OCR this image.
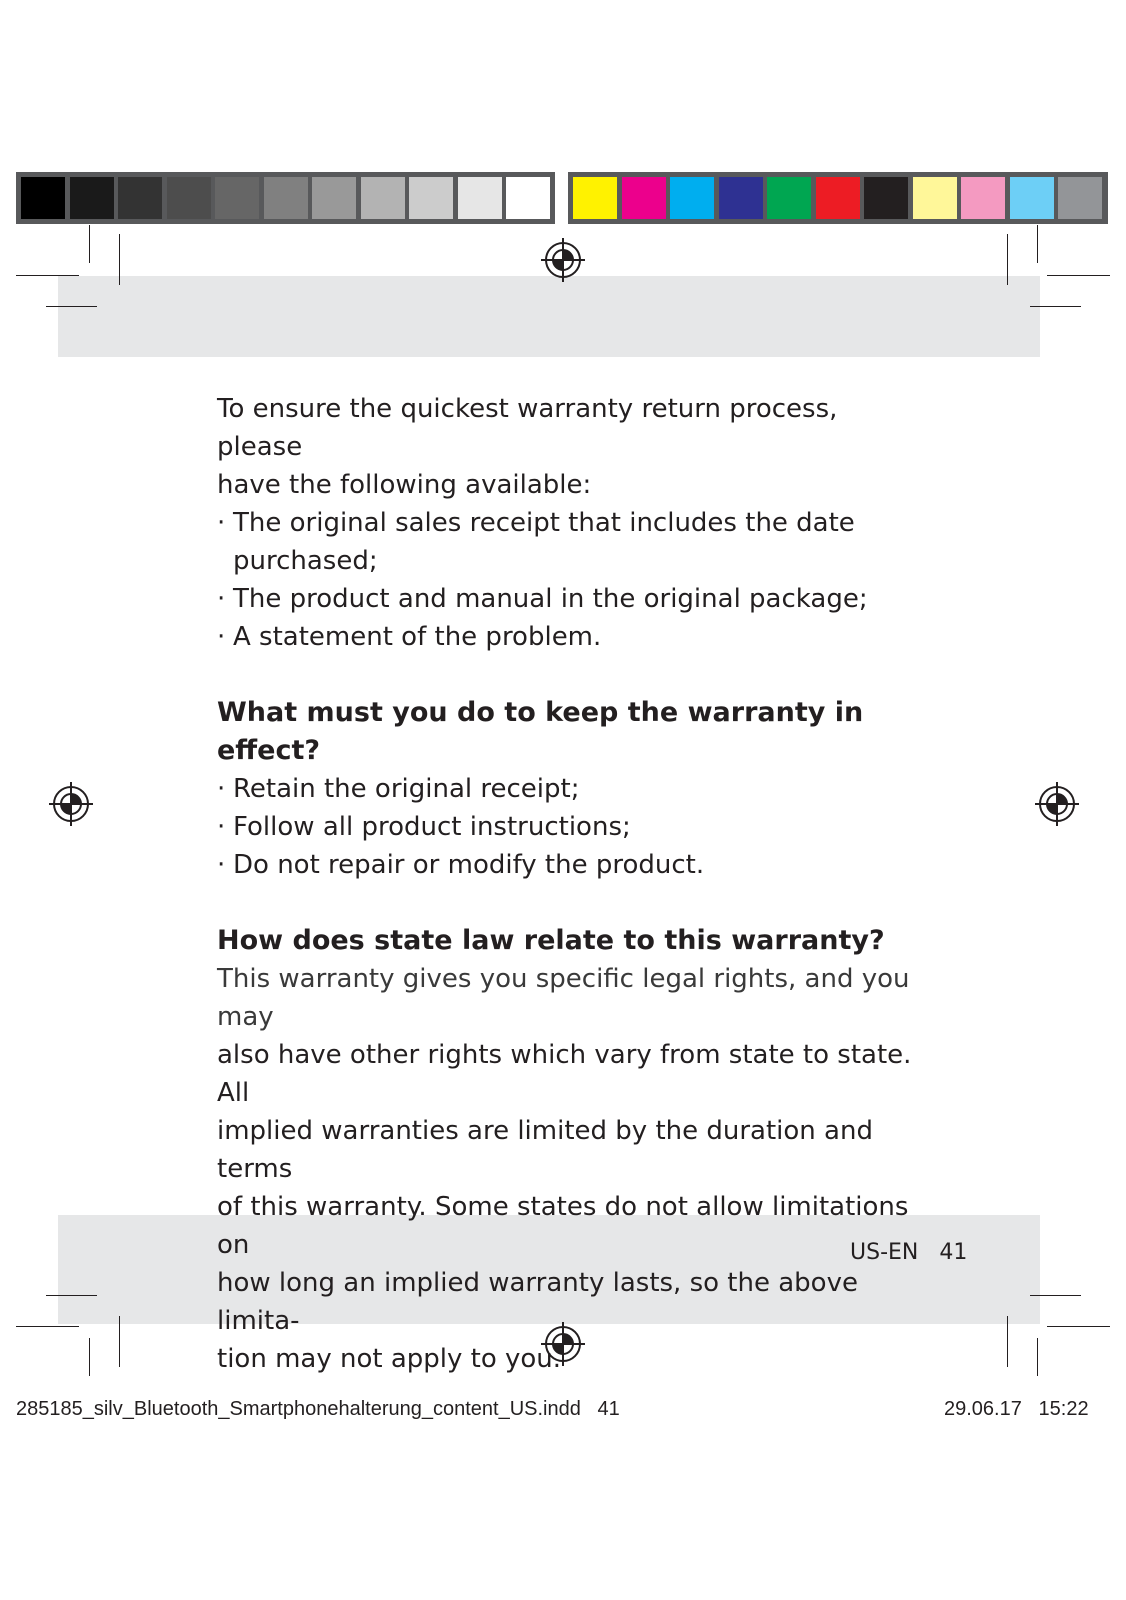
To ensure the quickest warranty return process, please

have the following available:

· The original sales receipt that includes the date purchased;

· The product and manual in the original package;

· A statement of the problem.

What must you do to keep the warranty in effect?

· Retain the original receipt;

· Follow all product instructions;

· Do not repair or modify the product.

How does state law relate to this warranty?

This warranty gives you specific legal rights, and you may

also have other rights which vary from state to state. All

implied warranties are limited by the duration and terms

of this warranty. Some states do not allow limitations on

how long an implied warranty lasts, so the above limita-

tion may not apply to you.

US-EN 41
285185_silv_Bluetooth_Smartphonehalterung_content_US.indd 41	29.06.17 15:22
